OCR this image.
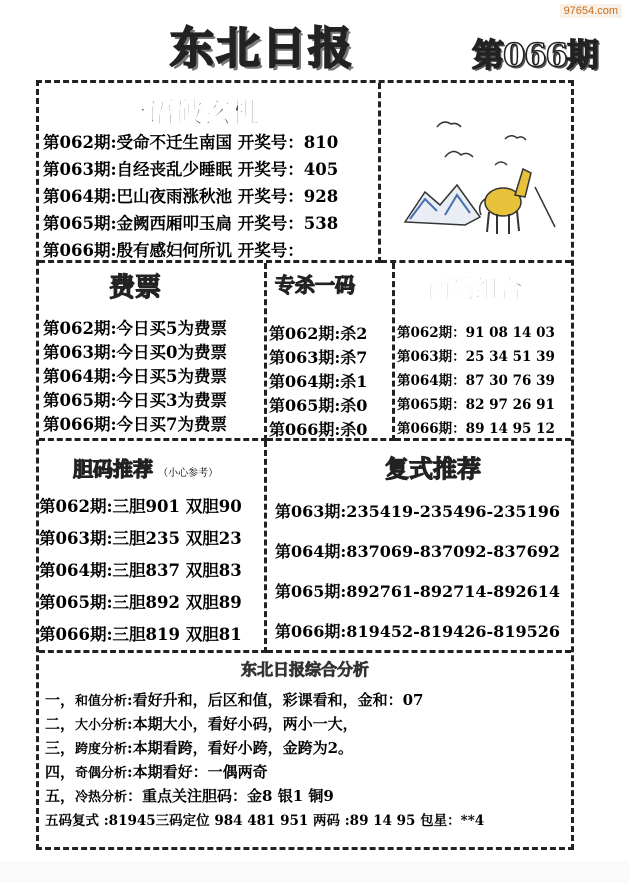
97654.com
东北日报	第066期
一语破玄机
第062期:受命不迁生南国 开奖号：810
第063期:自经丧乱少睡眠 开奖号：405
第064期:巴山夜雨涨秋池 开奖号：928
第065期:金阙西厢叩玉扃 开奖号：538
第066期:殷有感妇何所讥 开奖号：
费票
第062期:今日买5为费票
第063期:今日买0为费票
第064期:今日买5为费票
第065期:今日买3为费票
第066期:今日买7为费票
专杀一码
第062期:杀2
第063期:杀7
第064期:杀1
第065期:杀0
第066期:杀0
两码组合
第062期：91 08 14 03
第063期：25 34 51 39
第064期：87 30 76 39
第065期：82 97 26 91
第066期：89 14 95 12
胆码推荐 （小心参考）
第062期:三胆901 双胆90
第063期:三胆235 双胆23
第064期:三胆837 双胆83
第065期:三胆892 双胆89
第066期:三胆819 双胆81
复式推荐
第063期:235419-235496-235196
第064期:837069-837092-837692
第065期:892761-892714-892614
第066期:819452-819426-819526
东北日报综合分析
一，和值分析:看好升和，后区和值，彩课看和，金和：07
二，大小分析:本期大小，看好小码，两小一大，
三，跨度分析:本期看跨，看好小跨，金跨为2。
四，奇偶分析:本期看好：一偶两奇
五，冷热分析：重点关注胆码：金8 银1 铜9
五码复式 :81945三码定位 984 481 951 两码 :89 14 95 包星：**4
